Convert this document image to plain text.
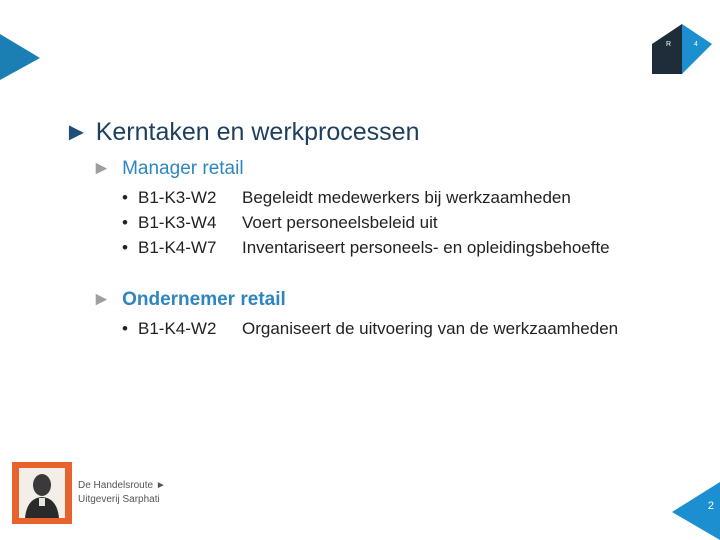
R	4
► Kerntaken en werkprocessen
► Manager retail
• B1-K3-W2	Begeleidt medewerkers bij werkzaamheden
• B1-K3-W4	Voert personeelsbeleid uit
• B1-K4-W7	Inventariseert personeels- en opleidingsbehoefte
► Ondernemer retail
• B1-K4-W2	Organiseert de uitvoering van de werkzaamheden
De Handelsroute ►
Uitgeverij Sarphati
2
